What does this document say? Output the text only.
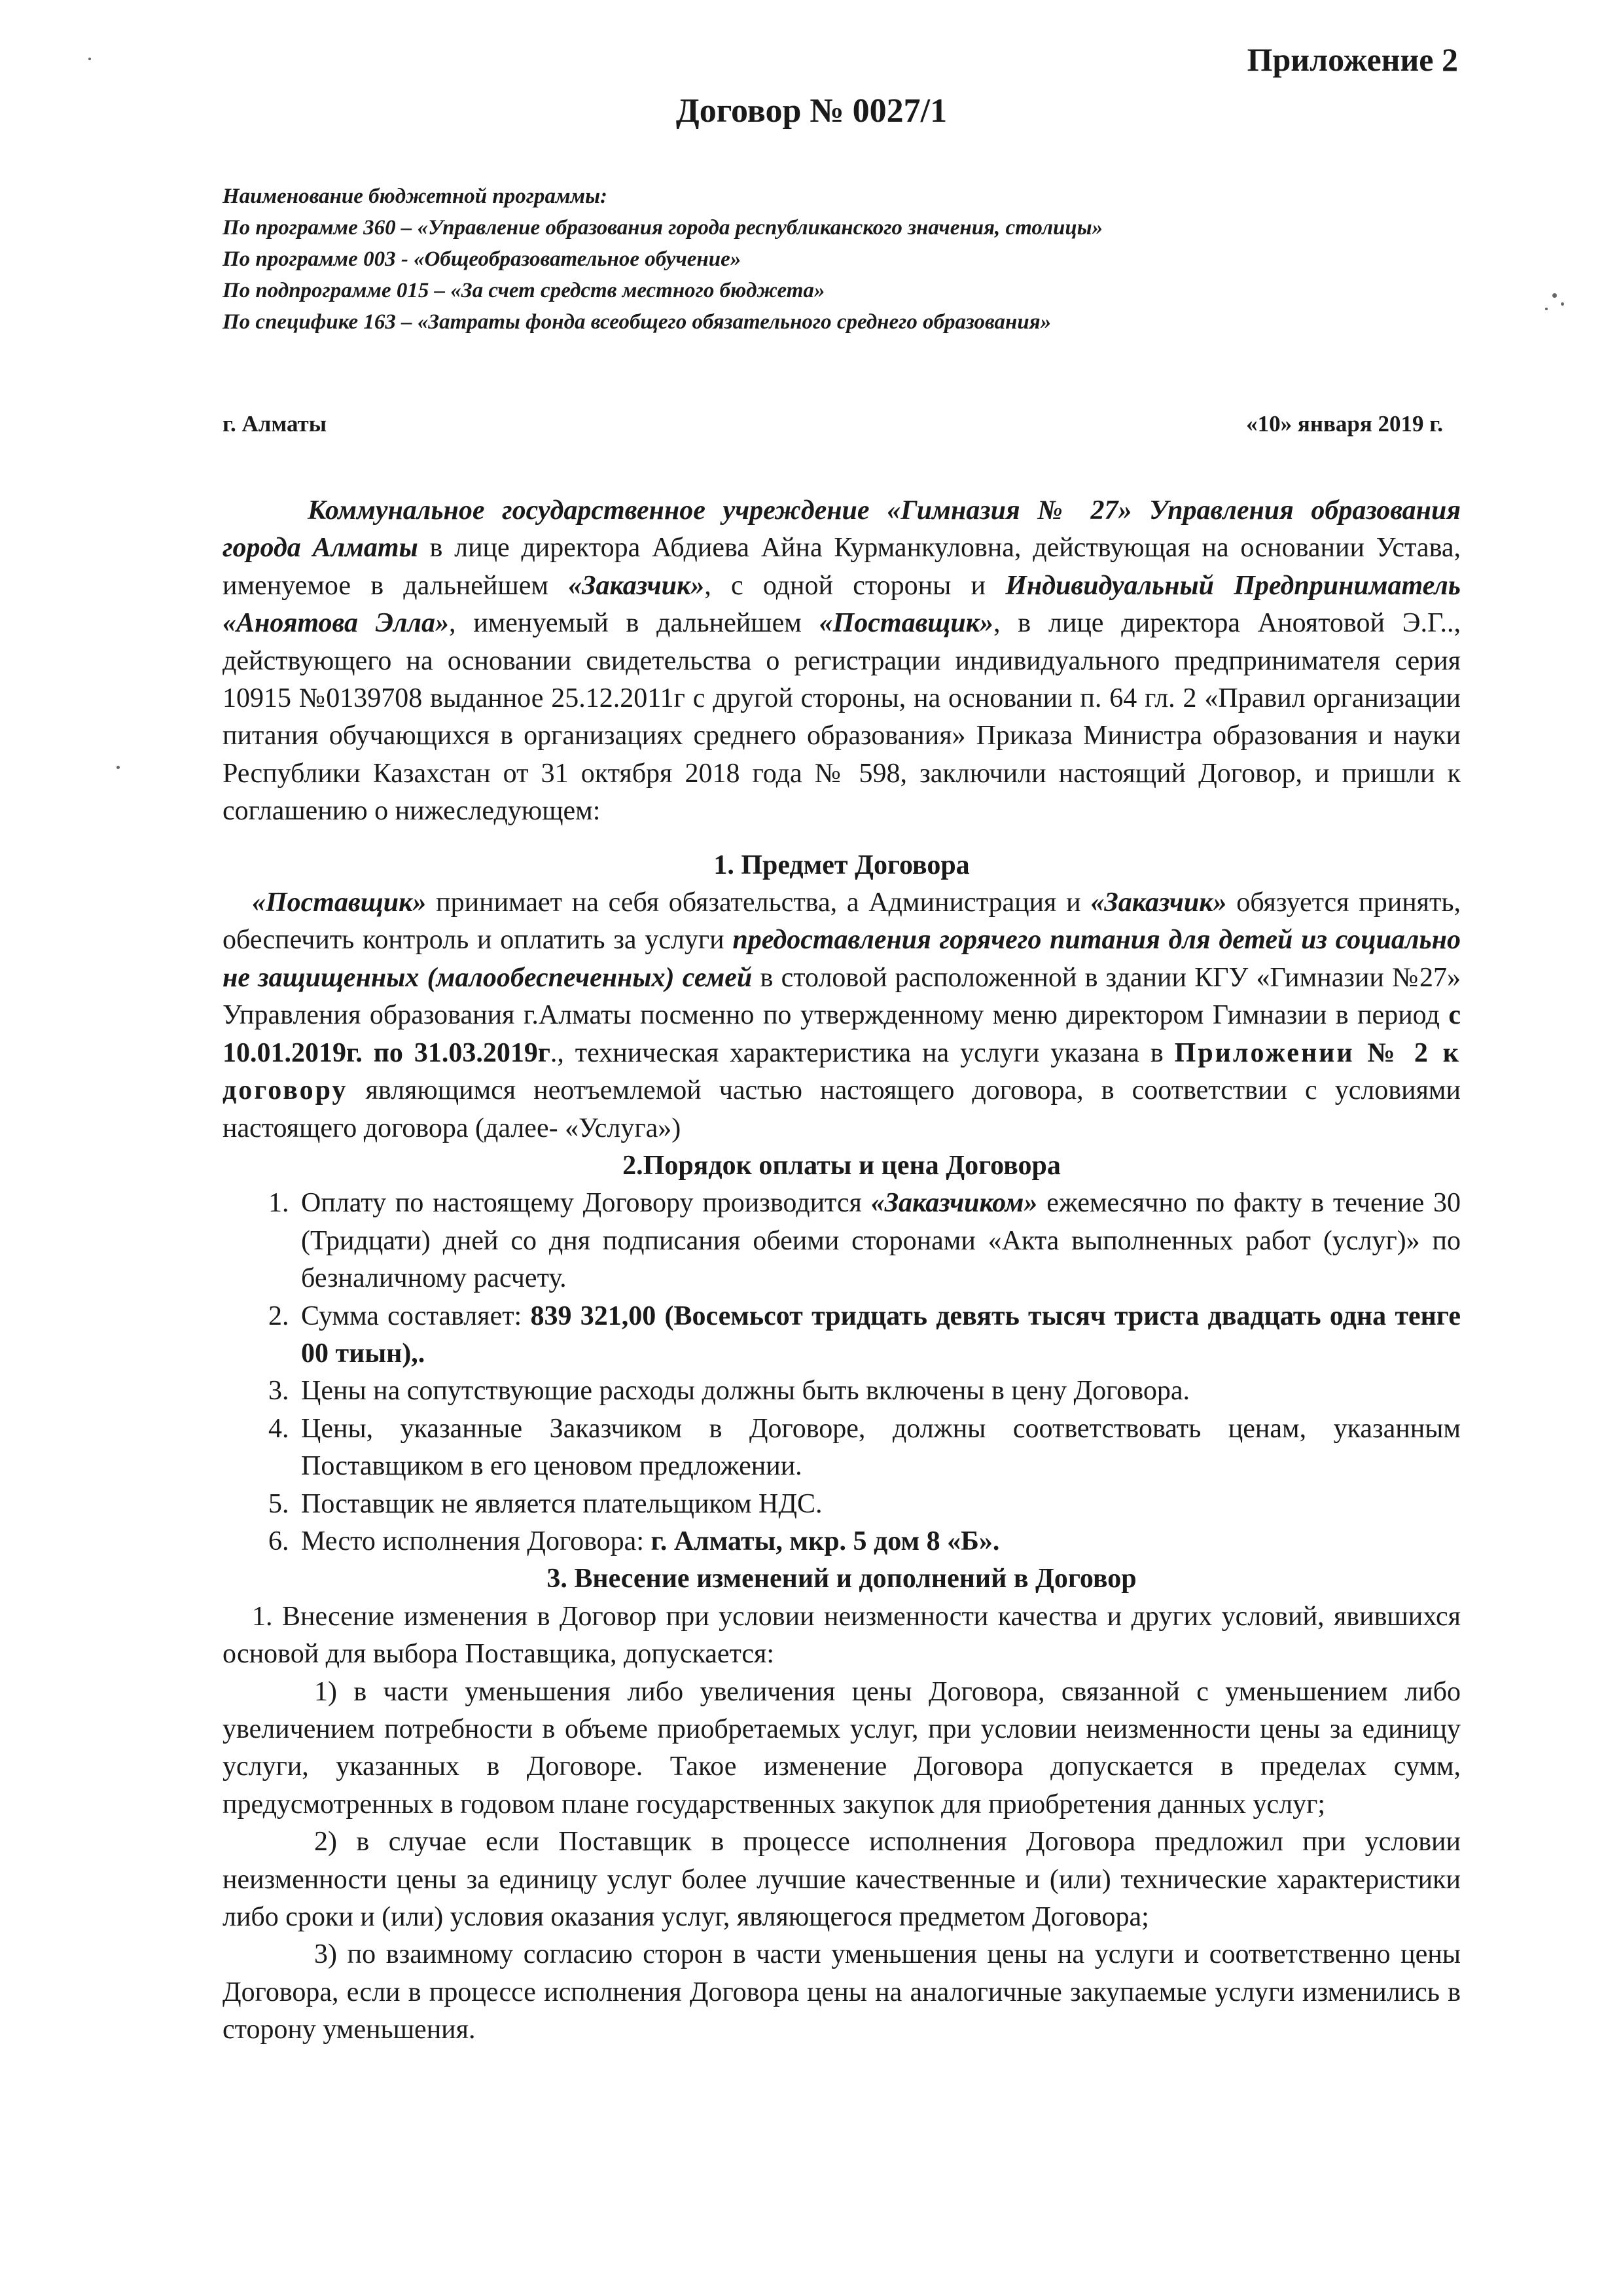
Приложение 2
Договор № 0027/1
Наименование бюджетной программы:
По программе 360 – «Управление образования города республиканского значения, столицы»
По программе 003 - «Общеобразовательное обучение»
По подпрограмме 015 – «За счет средств местного бюджета»
По специфике 163 – «Затраты фонда всеобщего обязательного среднего образования»
г. Алматы	«10» января 2019 г.

Коммунальное государственное учреждение «Гимназия № 27» Управления образования города Алматы в лице директора Абдиева Айна Курманкуловна, действующая на основании Устава, именуемое в дальнейшем «Заказчик», с одной стороны и Индивидуальный Предприниматель «Аноятова Элла», именуемый в дальнейшем «Поставщик», в лице директора Аноятовой Э.Г.., действующего на основании свидетельства о регистрации индивидуального предпринимателя серия 10915 №0139708 выданное 25.12.2011г с другой стороны, на основании п. 64 гл. 2 «Правил организации питания обучающихся в организациях среднего образования» Приказа Министра образования и науки Республики Казахстан от 31 октября 2018 года № 598, заключили настоящий Договор, и пришли к соглашению о нижеследующем:

1. Предмет Договора

«Поставщик» принимает на себя обязательства, а Администрация и «Заказчик» обязуется принять, обеспечить контроль и оплатить за услуги предоставления горячего питания для детей из социально не защищенных (малообеспеченных) семей в столовой расположенной в здании КГУ «Гимназии №27» Управления образования г.Алматы посменно по утвержденному меню директором Гимназии в период с 10.01.2019г. по 31.03.2019г., техническая характеристика на услуги указана в Приложении № 2 к договору являющимся неотъемлемой частью настоящего договора, в соответствии с условиями настоящего договора (далее- «Услуга»)

2.Порядок оплаты и цена Договора

1. Оплату по настоящему Договору производится «Заказчиком» ежемесячно по факту в течение 30 (Тридцати) дней со дня подписания обеими сторонами «Акта выполненных работ (услуг)» по безналичному расчету.
2. Сумма составляет: 839 321,00 (Восемьсот тридцать девять тысяч триста двадцать одна тенге 00 тиын),.
3. Цены на сопутствующие расходы должны быть включены в цену Договора.
4. Цены, указанные Заказчиком в Договоре, должны соответствовать ценам, указанным Поставщиком в его ценовом предложении.
5. Поставщик не является плательщиком НДС.
6. Место исполнения Договора: г. Алматы, мкр. 5 дом 8 «Б».

3. Внесение изменений и дополнений в Договор

1. Внесение изменения в Договор при условии неизменности качества и других условий, явившихся основой для выбора Поставщика, допускается:

1) в части уменьшения либо увеличения цены Договора, связанной с уменьшением либо увеличением потребности в объеме приобретаемых услуг, при условии неизменности цены за единицу услуги, указанных в Договоре. Такое изменение Договора допускается в пределах сумм, предусмотренных в годовом плане государственных закупок для приобретения данных услуг;

2) в случае если Поставщик в процессе исполнения Договора предложил при условии неизменности цены за единицу услуг более лучшие качественные и (или) технические характеристики либо сроки и (или) условия оказания услуг, являющегося предметом Договора;

3) по взаимному согласию сторон в части уменьшения цены на услуги и соответственно цены Договора, если в процессе исполнения Договора цены на аналогичные закупаемые услуги изменились в сторону уменьшения.
